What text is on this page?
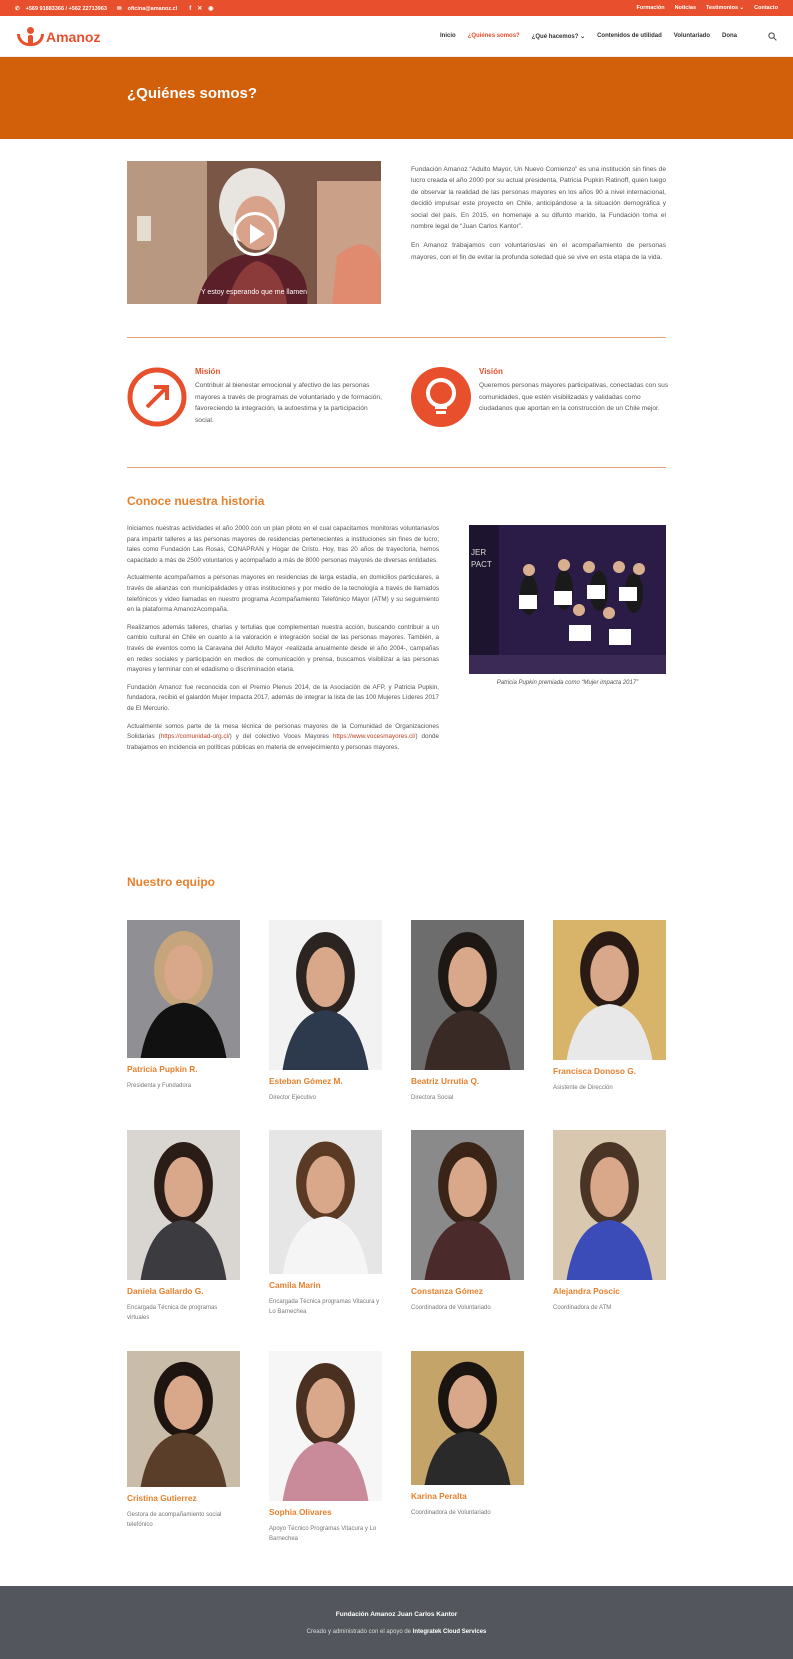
✆ +569 91883366 / +562 22713963 ✉ oficina@amanoz.cl f ✕ ◉	Formación Noticias Testimonios ⌄ Contacto
Amanoz	Inicio ¿Quiénes somos? ¿Qué hacemos? ⌄ Contenidos de utilidad Voluntariado Dona
¿Quiénes somos?
Y estoy esperando que me llamen

Fundación Amanoz “Adulto Mayor, Un Nuevo Comienzo” es una institución sin fines de lucro creada el año 2000 por su actual presidenta, Patricia Pupkin Ratinoff, quien luego de observar la realidad de las personas mayores en los años 90 a nivel internacional, decidió impulsar este proyecto en Chile, anticipándose a la situación demográfica y social del país. En 2015, en homenaje a su difunto marido, la Fundación toma el nombre legal de “Juan Carlos Kantor”.

En Amanoz trabajamos con voluntarios/as en el acompañamiento de personas mayores, con el fin de evitar la profunda soledad que se vive en esta etapa de la vida.

Misión
Contribuir al bienestar emocional y afectivo de las personas mayores a través de programas de voluntariado y de formación, favoreciendo la integración, la autoestima y la participación social.
Visión
Queremos personas mayores participativas, conectadas con sus comunidades, que estén visibilizadas y validadas como ciudadanos que aportan en la construcción de un Chile mejor.
Conoce nuestra historia

Iniciamos nuestras actividades el año 2000 con un plan piloto en el cual capacitamos monitoras voluntarias/os para impartir talleres a las personas mayores de residencias pertenecientes a instituciones sin fines de lucro; tales como Fundación Las Rosas, CONAPRAN y Hogar de Cristo. Hoy, tras 20 años de trayectoria, hemos capacitado a más de 2500 voluntarios y acompañado a más de 8000 personas mayores de diversas entidades.

Actualmente acompañamos a personas mayores en residencias de larga estadía, en domicilios particulares, a través de alianzas con municipalidades y otras instituciones y por medio de la tecnología a través de llamados telefónicos y video llamadas en nuestro programa Acompañamiento Telefónico Mayor (ATM) y su seguimiento en la plataforma AmanozAcompaña.

Realizamos además talleres, charlas y tertulias que complementan nuestra acción, buscando contribuir a un cambio cultural en Chile en cuanto a la valoración e integración social de las personas mayores. También, a través de eventos como la Caravana del Adulto Mayor -realizada anualmente desde el año 2004-, campañas en redes sociales y participación en medios de comunicación y prensa, buscamos visibilizar a las personas mayores y terminar con el edadismo o discriminación etaria.

Fundación Amanoz fue reconocida con el Premio Plenus 2014, de la Asociación de AFP, y Patricia Pupkin, fundadora, recibió el galardón Mujer Impacta 2017, además de integrar la lista de las 100 Mujeres Líderes 2017 de El Mercurio.

Actualmente somos parte de la mesa técnica de personas mayores de la Comunidad de Organizaciones Solidarias (https://comunidad-org.cl/) y del colectivo Voces Mayores https://www.vocesmayores.cl/) donde trabajamos en incidencia en políticas públicas en materia de envejecimiento y personas mayores.

JER
PACT
Patricia Pupkin premiada como “Mujer impacta 2017”
Nuestro equipo
Patricia Pupkin R.
Presidenta y Fundadora	Esteban Gómez M.
Director Ejecutivo
Beatriz Urrutia Q.
Directora Social
Francisca Donoso G.
Asistente de Dirección
Daniela Gallardo G.
Encargada Técnica de programas virtuales
Camila Marin
Encargada Técnica programas Vitacura y Lo Barnechea
Constanza Gómez
Coordinadora de Voluntariado
Alejandra Poscic
Coordinadora de ATM
Cristina Gutierrez
Gestora de acompañamiento social telefónico
Sophia Olivares
Apoyo Técnico Programas Vitacura y Lo Barnechea
Karina Peralta
Coordinadora de Voluntariado
Fundación Amanoz Juan Carlos Kantor
Creado y administrado con el apoyo de Integratek Cloud Services
